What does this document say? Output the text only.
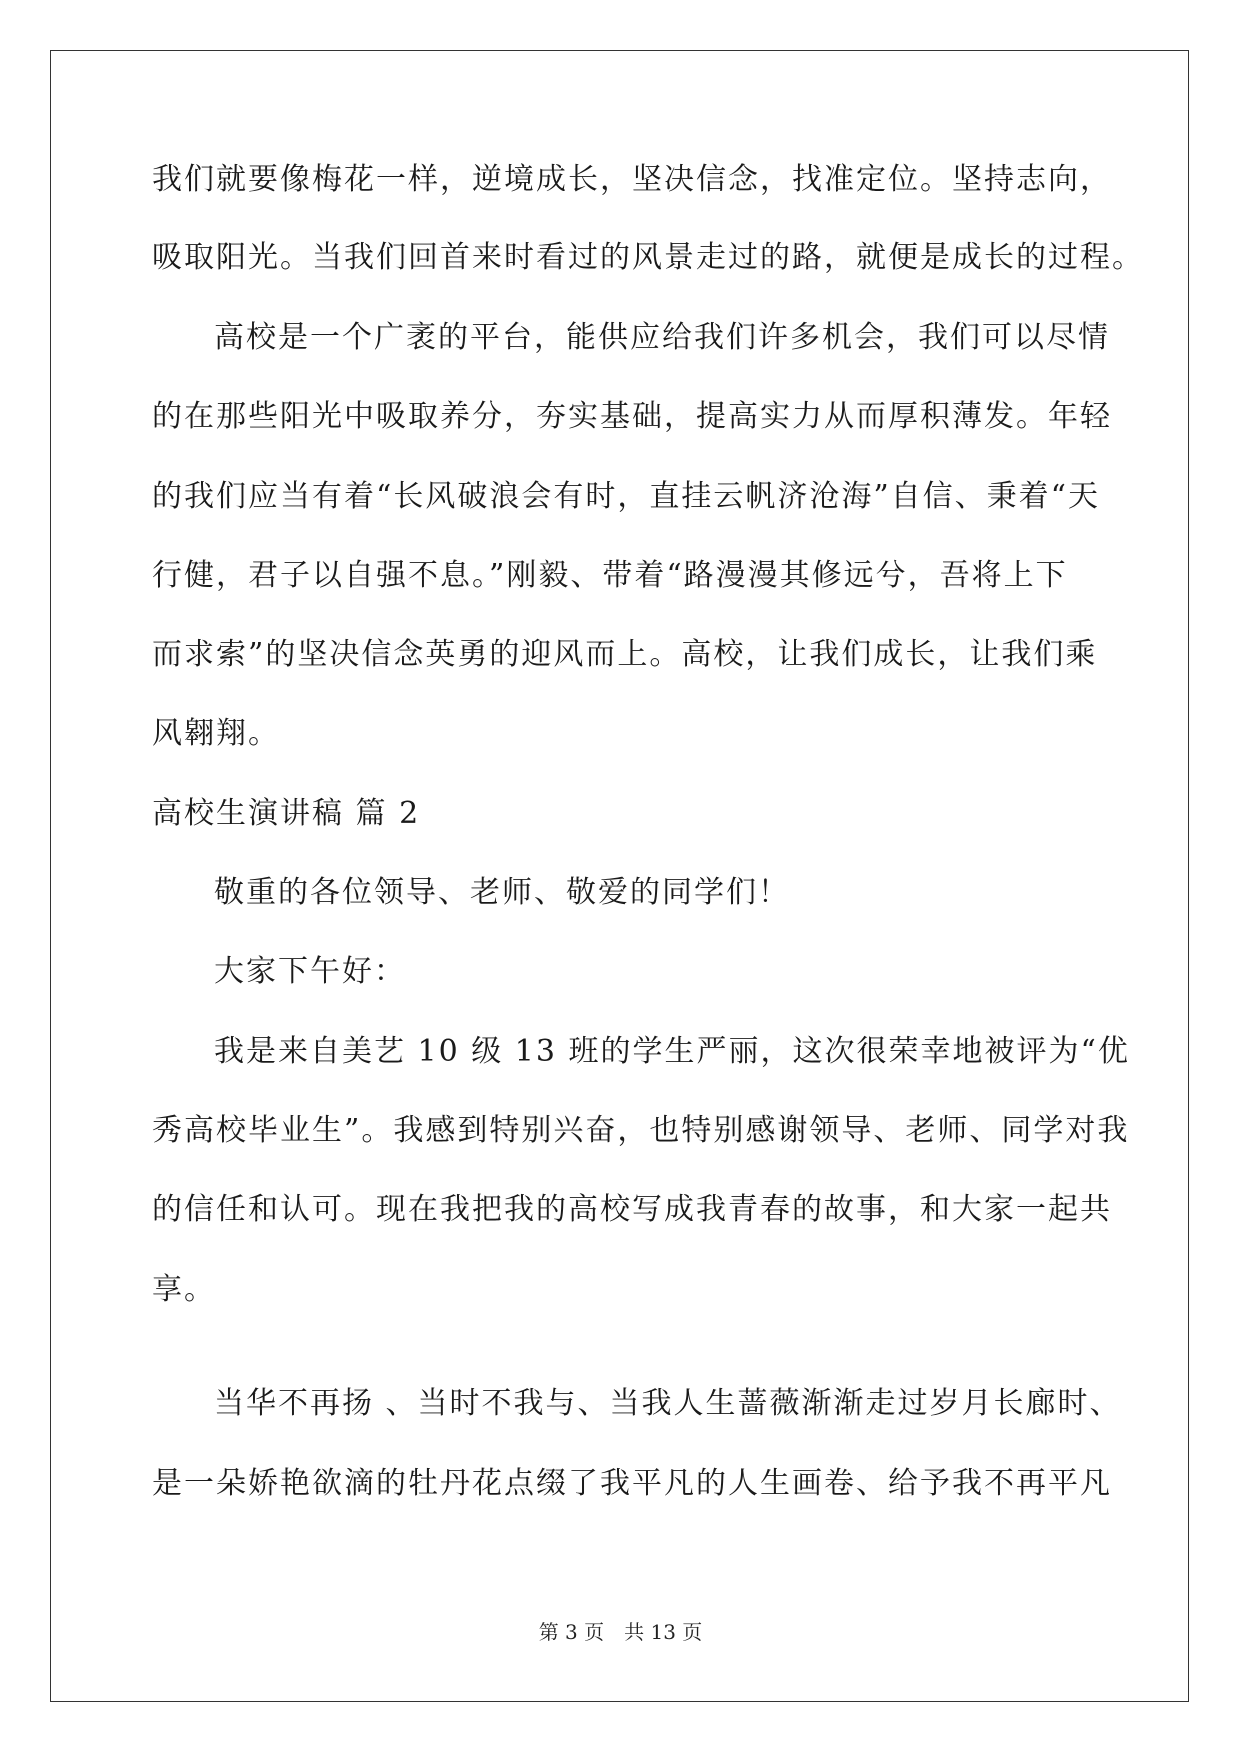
我们就要像梅花一样，逆境成长，坚决信念，找准定位。坚持志向，
吸取阳光。当我们回首来时看过的风景走过的路，就便是成长的过程。
高校是一个广袤的平台，能供应给我们许多机会，我们可以尽情
的在那些阳光中吸取养分，夯实基础，提高实力从而厚积薄发。年轻
的我们应当有着“长风破浪会有时，直挂云帆济沧海”自信、秉着“天
行健，君子以自强不息。”刚毅、带着“路漫漫其修远兮，吾将上下
而求索”的坚决信念英勇的迎风而上。高校，让我们成长，让我们乘
风翱翔。
高校生演讲稿 篇 2
敬重的各位领导、老师、敬爱的同学们！
大家下午好：
我是来自美艺 10 级 13 班的学生严丽，这次很荣幸地被评为“优
秀高校毕业生”。我感到特别兴奋，也特别感谢领导、老师、同学对我
的信任和认可。现在我把我的高校写成我青春的故事，和大家一起共
享。
当华不再扬 、当时不我与、当我人生蔷薇渐渐走过岁月长廊时、
是一朵娇艳欲滴的牡丹花点缀了我平凡的人生画卷、给予我不再平凡
第 3 页　共 13 页
